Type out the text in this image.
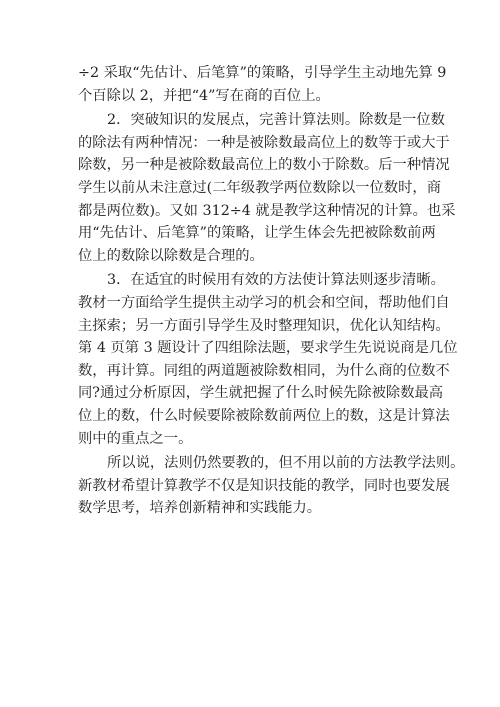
÷2 采取“先估计、后笔算”的策略，引导学生主动地先算 9
个百除以 2，并把“4”写在商的百位上。
2．突破知识的发展点，完善计算法则。除数是一位数
的除法有两种情况：一种是被除数最高位上的数等于或大于
除数，另一种是被除数最高位上的数小于除数。后一种情况
学生以前从未注意过(二年级教学两位数除以一位数时，商
都是两位数)。又如 312÷4 就是教学这种情况的计算。也采
用“先估计、后笔算”的策略，让学生体会先把被除数前两
位上的数除以除数是合理的。
3．在适宜的时候用有效的方法使计算法则逐步清晰。
教材一方面给学生提供主动学习的机会和空间，帮助他们自
主探索；另一方面引导学生及时整理知识，优化认知结构。
第 4 页第 3 题设计了四组除法题，要求学生先说说商是几位
数，再计算。同组的两道题被除数相同，为什么商的位数不
同?通过分析原因，学生就把握了什么时候先除被除数最高
位上的数，什么时候要除被除数前两位上的数，这是计算法
则中的重点之一。
所以说，法则仍然要教的，但不用以前的方法教学法则。
新教材希望计算教学不仅是知识技能的教学，同时也要发展
数学思考，培养创新精神和实践能力。
